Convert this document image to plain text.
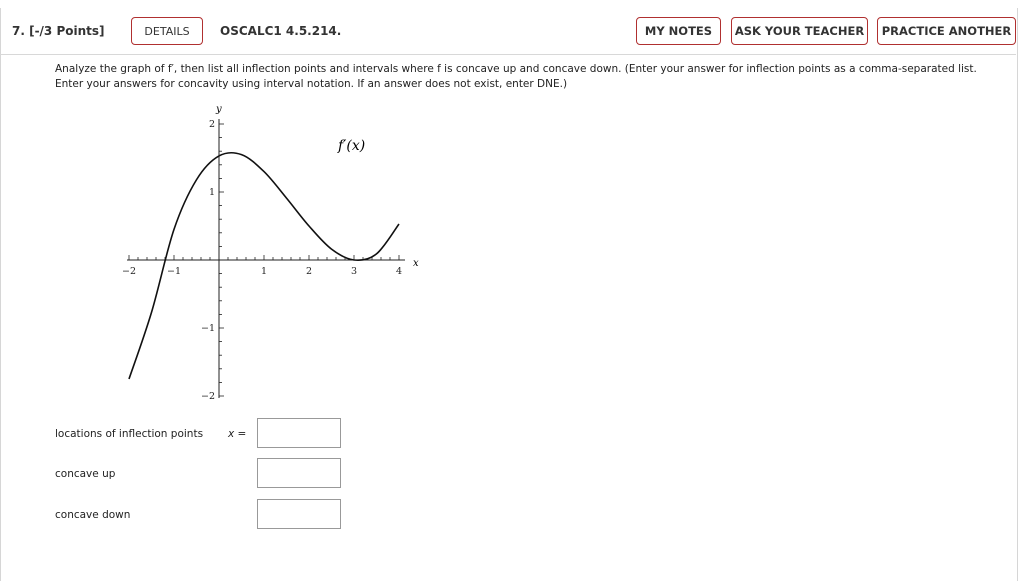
7. [-/3 Points]	DETAILS	OSCALC1 4.5.214.	MY NOTES	ASK YOUR TEACHER	PRACTICE ANOTHER

Analyze the graph of f′, then list all inflection points and intervals where f is concave up and concave down. (Enter your answer for inflection points as a comma-separated list.

Enter your answers for concavity using interval notation. If an answer does not exist, enter DNE.)

−2	−1	1	2	3	4
2
1
−1
−2
f′(x)
x
y
locations of inflection points x =
concave up
concave down
